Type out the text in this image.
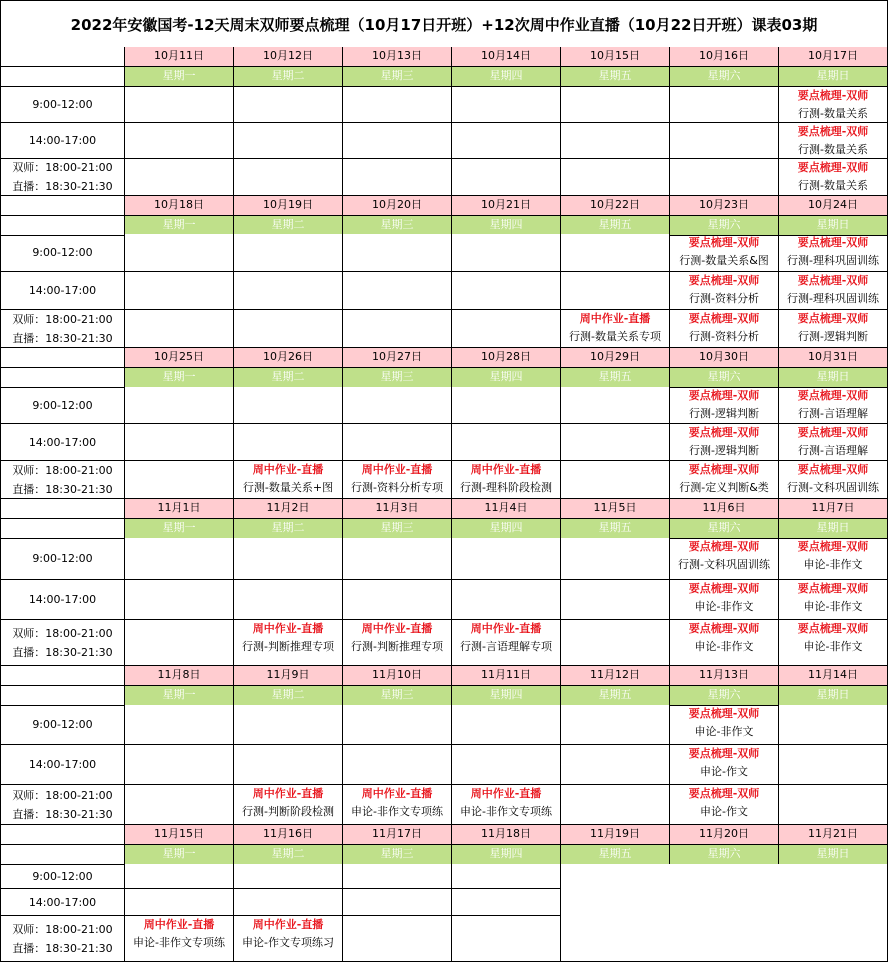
2022年安徽国考-12天周末双师要点梳理（10月17日开班）+12次周中作业直播（10月22日开班）课表03期
10月11日
星期一
10月12日
星期二
10月13日
星期三
10月14日
星期四
10月15日
星期五
10月16日
星期六
10月17日
星期日
9:00-12:00
要点梳理-双师
行测-数量关系
14:00-17:00
要点梳理-双师
行测-数量关系
双师：18:00-21:00
直播：18:30-21:30
要点梳理-双师
行测-数量关系
10月18日
星期一
10月19日
星期二
10月20日
星期三
10月21日
星期四
10月22日
星期五
10月23日
星期六
10月24日
星期日
9:00-12:00
要点梳理-双师
行测-数量关系&图
要点梳理-双师
行测-理科巩固训练
14:00-17:00
要点梳理-双师
行测-资料分析
要点梳理-双师
行测-理科巩固训练
双师：18:00-21:00
直播：18:30-21:30
周中作业-直播
行测-数量关系专项
要点梳理-双师
行测-资料分析
要点梳理-双师
行测-逻辑判断
10月25日
星期一
10月26日
星期二
10月27日
星期三
10月28日
星期四
10月29日
星期五
10月30日
星期六
10月31日
星期日
9:00-12:00
要点梳理-双师
行测-逻辑判断
要点梳理-双师
行测-言语理解
14:00-17:00
要点梳理-双师
行测-逻辑判断
要点梳理-双师
行测-言语理解
双师：18:00-21:00
直播：18:30-21:30
周中作业-直播
行测-数量关系+图
周中作业-直播
行测-资料分析专项
周中作业-直播
行测-理科阶段检测
要点梳理-双师
行测-定义判断&类
要点梳理-双师
行测-文科巩固训练
11月1日
星期一
11月2日
星期二
11月3日
星期三
11月4日
星期四
11月5日
星期五
11月6日
星期六
11月7日
星期日
9:00-12:00
要点梳理-双师
行测-文科巩固训练
要点梳理-双师
申论-非作文
14:00-17:00
要点梳理-双师
申论-非作文
要点梳理-双师
申论-非作文
双师：18:00-21:00
直播：18:30-21:30
周中作业-直播
行测-判断推理专项
周中作业-直播
行测-判断推理专项
周中作业-直播
行测-言语理解专项
要点梳理-双师
申论-非作文
要点梳理-双师
申论-非作文
11月8日
星期一
11月9日
星期二
11月10日
星期三
11月11日
星期四
11月12日
星期五
11月13日
星期六
11月14日
星期日
9:00-12:00
要点梳理-双师
申论-非作文
14:00-17:00
要点梳理-双师
申论-作文
双师：18:00-21:00
直播：18:30-21:30
周中作业-直播
行测-判断阶段检测
周中作业-直播
申论-非作文专项练
周中作业-直播
申论-非作文专项练
要点梳理-双师
申论-作文
11月15日
星期一
11月16日
星期二
11月17日
星期三
11月18日
星期四
11月19日
星期五
11月20日
星期六
11月21日
星期日
9:00-12:00
14:00-17:00
双师：18:00-21:00
直播：18:30-21:30
周中作业-直播
申论-非作文专项练
周中作业-直播
申论-作文专项练习
